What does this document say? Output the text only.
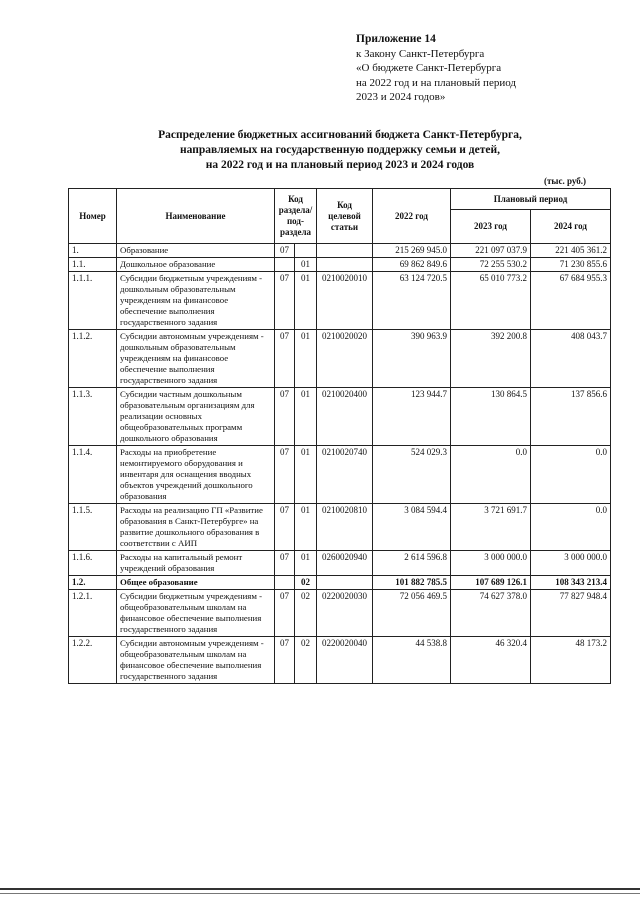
Приложение 14
к Закону Санкт-Петербурга
«О бюджете Санкт-Петербурга
на 2022 год и на плановый период
2023 и 2024 годов»
Распределение бюджетных ассигнований бюджета Санкт-Петербурга,
направляемых на государственную поддержку семьи и детей,
на 2022 год и на плановый период 2023 и 2024 годов
(тыс. руб.)
Номер	Наименование	Код раздела/ под- раздела		Код целевой статьи	2022 год	Плановый период	
						2023 год	2024 год
1.	Образование	07			215 269 945.0	221 097 037.9	221 405 361.2
1.1.	Дошкольное образование		01		69 862 849.6	72 255 530.2	71 230 855.6
1.1.1.	Субсидии бюджетным учреждениям - дошкольным образовательным учреждениям на финансовое обеспечение выполнения государственного задания	07	01	0210020010	63 124 720.5	65 010 773.2	67 684 955.3
1.1.2.	Субсидии автономным учреждениям - дошкольным образовательным учреждениям на финансовое обеспечение выполнения государственного задания	07	01	0210020020	390 963.9	392 200.8	408 043.7
1.1.3.	Субсидии частным дошкольным образовательным организациям для реализации основных общеобразовательных программ дошкольного образования	07	01	0210020400	123 944.7	130 864.5	137 856.6
1.1.4.	Расходы на приобретение немонтируемого оборудования и инвентаря для оснащения вводных объектов учреждений дошкольного образования	07	01	0210020740	524 029.3	0.0	0.0
1.1.5.	Расходы на реализацию ГП «Развитие образования в Санкт-Петербурге» на развитие дошкольного образования в соответствии с АИП	07	01	0210020810	3 084 594.4	3 721 691.7	0.0
1.1.6.	Расходы на капитальный ремонт учреждений образования	07	01	0260020940	2 614 596.8	3 000 000.0	3 000 000.0
1.2.	Общее образование		02		101 882 785.5	107 689 126.1	108 343 213.4
1.2.1.	Субсидии бюджетным учреждениям - общеобразовательным школам на финансовое обеспечение выполнения государственного задания	07	02	0220020030	72 056 469.5	74 627 378.0	77 827 948.4
1.2.2.	Субсидии автономным учреждениям - общеобразовательным школам на финансовое обеспечение выполнения государственного задания	07	02	0220020040	44 538.8	46 320.4	48 173.2
